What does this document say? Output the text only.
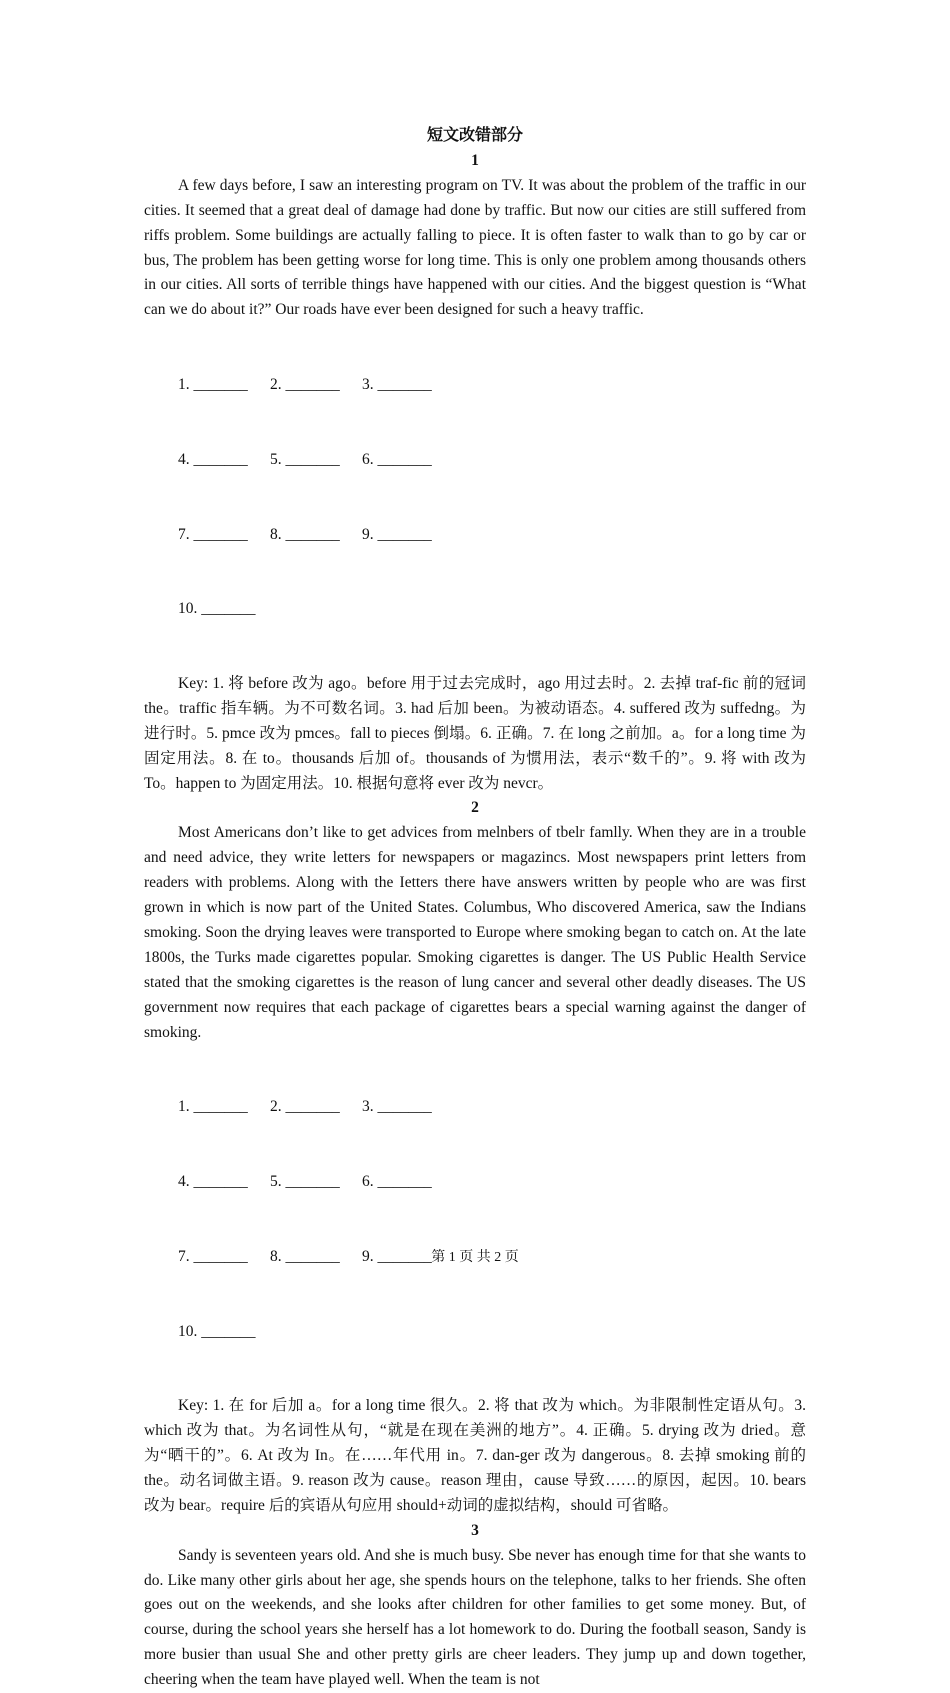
短文改错部分
1

A few days before, I saw an interesting program on TV. It was about the problem of the traffic in our cities. It seemed that a great deal of damage had done by traffic. But now our cities are still suffered from riffs problem. Some buildings are actually falling to piece. It is often faster to walk than to go by car or bus, The problem has been getting worse for long time. This is only one problem among thousands others in our cities. All sorts of terrible things have happened with our cities. And the biggest question is “What can we do about it?” Our roads have ever been designed for such a heavy traffic.

1. _______ 2. _______ 3. _______

4. _______ 5. _______ 6. _______

7. _______ 8. _______ 9. _______

10. _______

Key: 1. 将 before 改为 ago。before 用于过去完成时，ago 用过去时。2. 去掉 traf-fic 前的冠词 the。traffic 指车辆。为不可数名词。3. had 后加 been。为被动语态。4. suffered 改为 suffedng。为进行时。5. pmce 改为 pmces。fall to pieces 倒塌。6. 正确。7. 在 long 之前加。a。for a long time 为固定用法。8. 在 to。thousands 后加 of。thousands of 为惯用法，表示“数千的”。9. 将 with 改为 To。happen to 为固定用法。10. 根据句意将 ever 改为 nevcr。

2

Most Americans don’t like to get advices from melnbers of tbelr famlly. When they are in a trouble and need advice, they write letters for newspapers or magazincs. Most newspapers print letters from readers with problems. Along with the Ietters there have answers written by people who are was first grown in which is now part of the United States. Columbus, Who discovered America, saw the Indians smoking. Soon the drying leaves were transported to Europe where smoking began to catch on. At the late 1800s, the Turks made cigarettes popular. Smoking cigarettes is danger. The US Public Health Service stated that the smoking cigarettes is the reason of lung cancer and several other deadly diseases. The US government now requires that each package of cigarettes bears a special warning against the danger of smoking.

1. _______ 2. _______ 3. _______

4. _______ 5. _______ 6. _______

7. _______ 8. _______ 9. _______

10. _______

Key: 1. 在 for 后加 a。for a long time 很久。2. 将 that 改为 which。为非限制性定语从句。3. which 改为 that。为名词性从句，“就是在现在美洲的地方”。4. 正确。5. drying 改为 dried。意为“晒干的”。6. At 改为 In。在……年代用 in。7. dan-ger 改为 dangerous。8. 去掉 smoking 前的 the。动名词做主语。9. reason 改为 cause。reason 理由，cause 导致……的原因，起因。10. bears 改为 bear。require 后的宾语从句应用 should+动词的虚拟结构，should 可省略。

3

Sandy is seventeen years old. And she is much busy. Sbe never has enough time for that she wants to do. Like many other girls about her age, she spends hours on the telephone, talks to her friends. She often goes out on the weekends, and she looks after children for other families to get some money. But, of course, during the school years she herself has a lot homework to do. During the football season, Sandy is more busier than usual She and other pretty girls are cheer leaders. They jump up and down together, cheering when the team have played well. When the team is not

第 1 页 共 2 页
